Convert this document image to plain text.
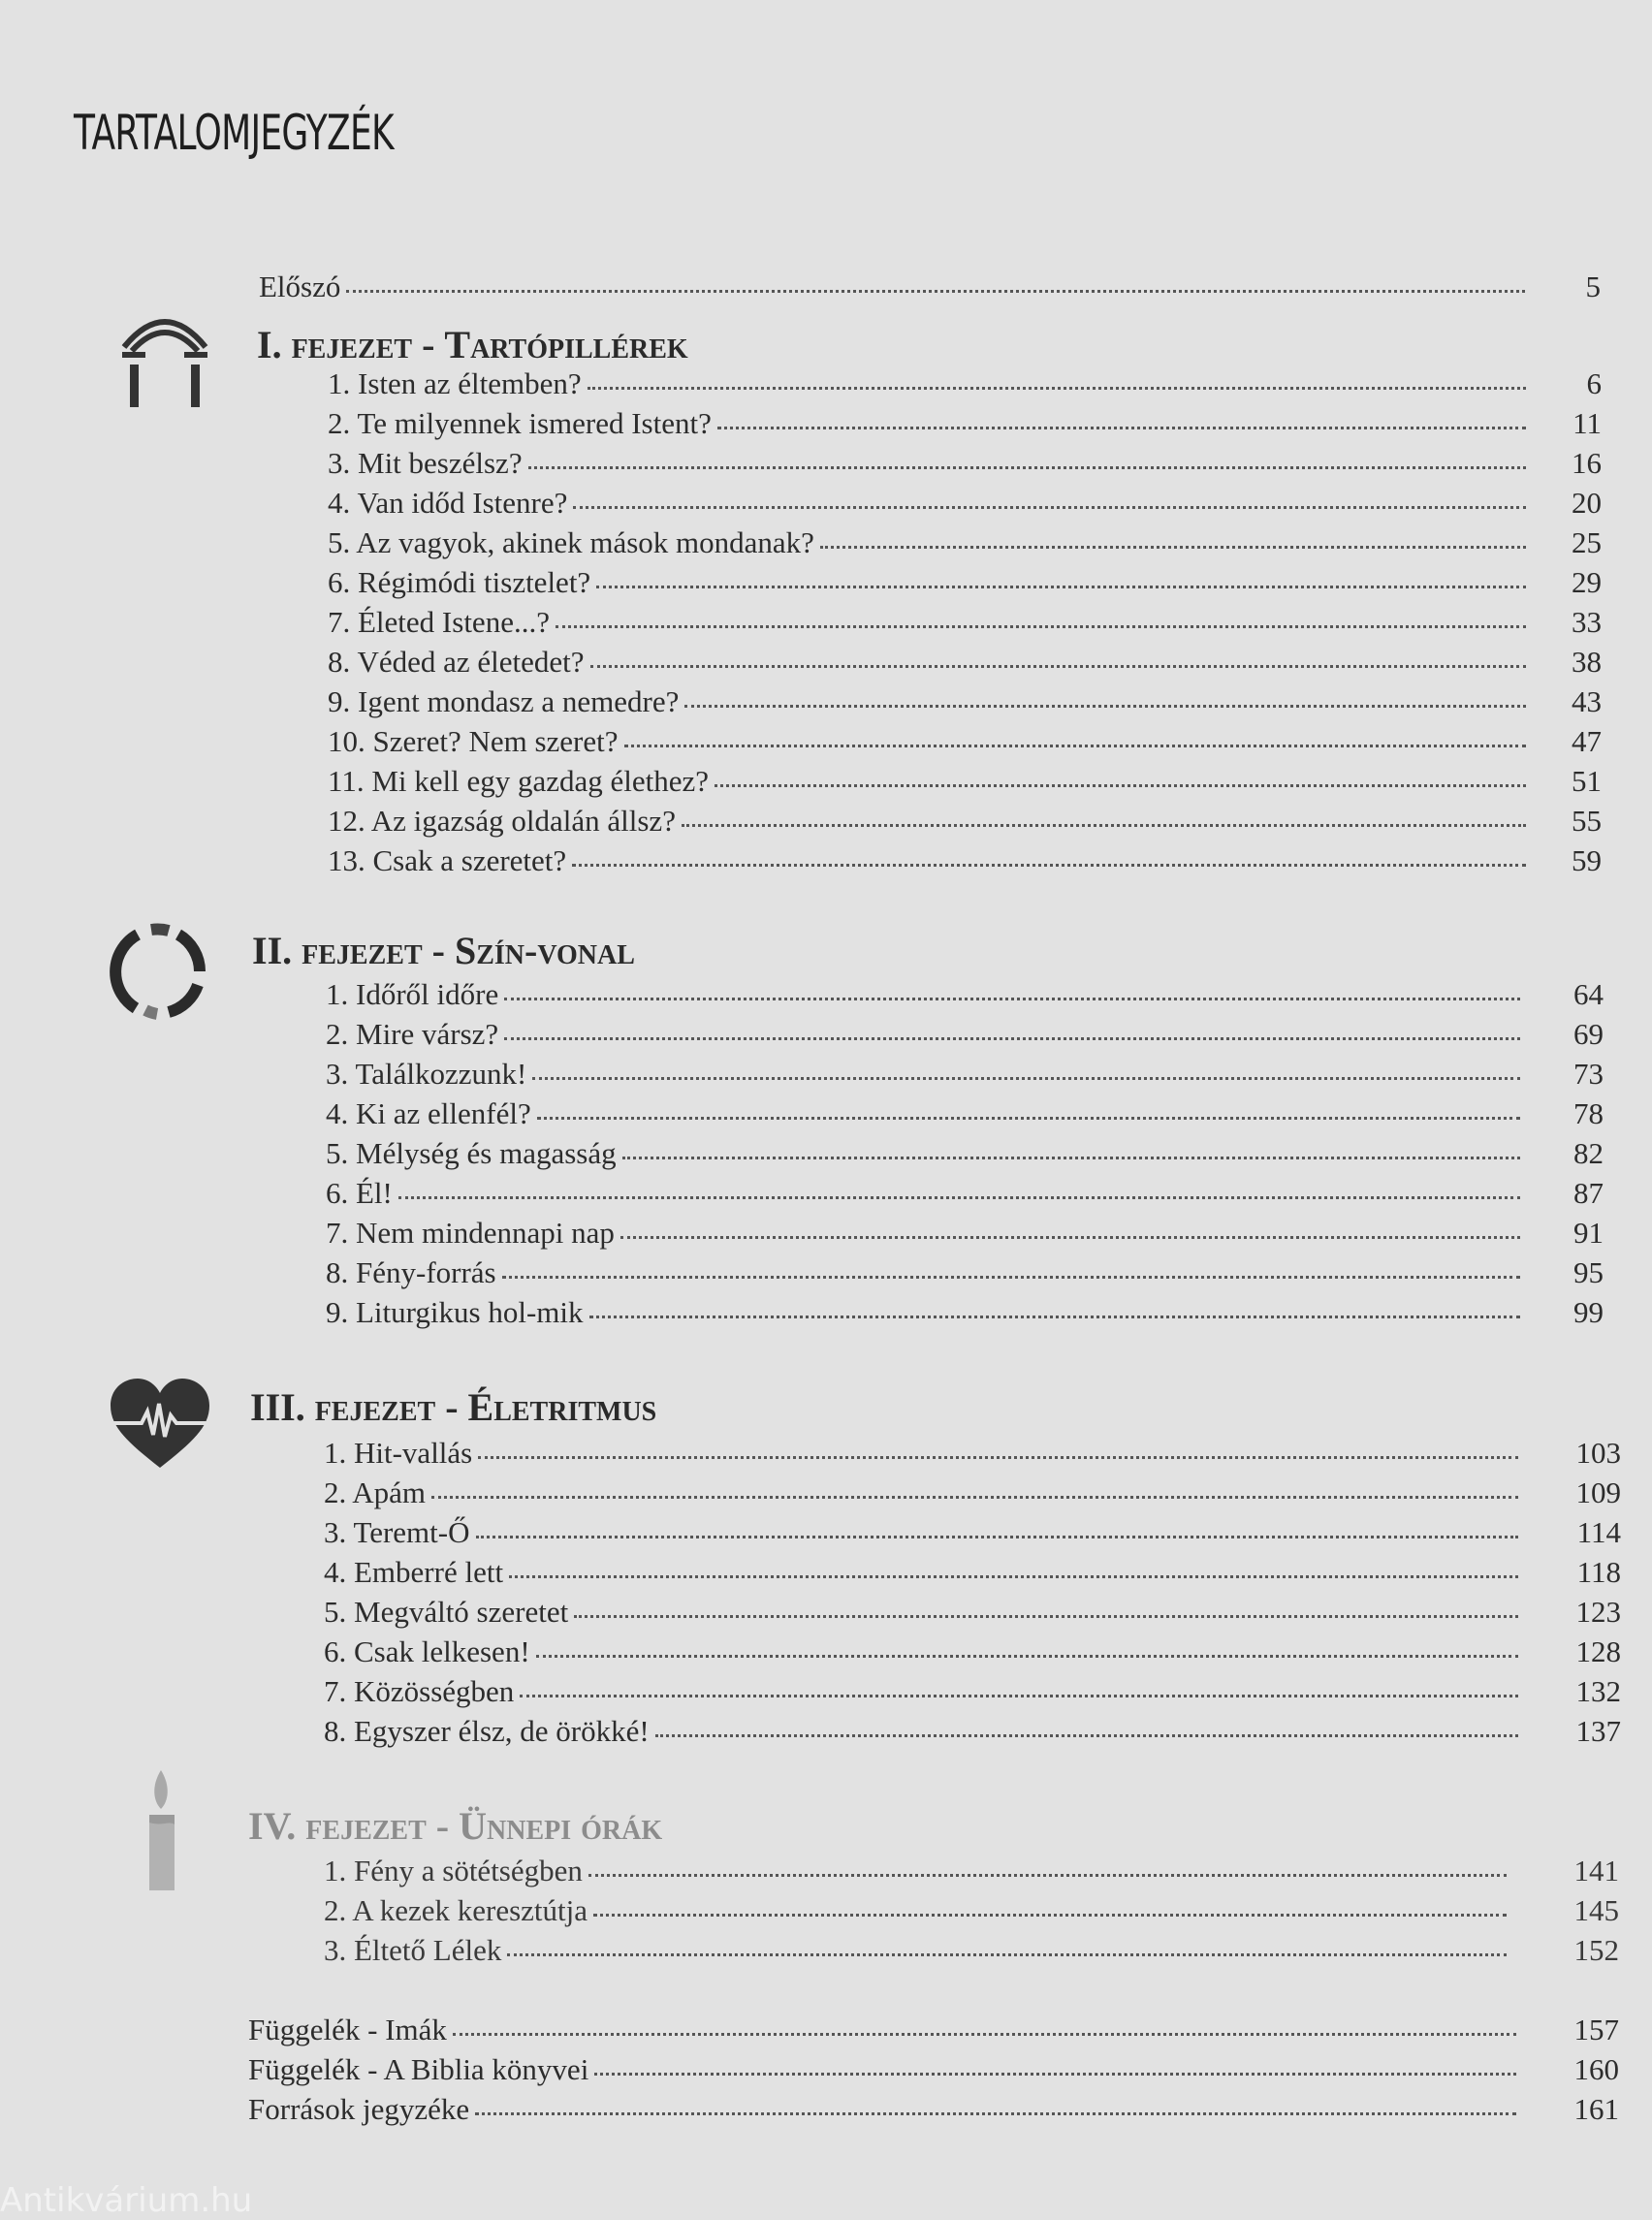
TARTALOMJEGYZÉK
Előszó	5
I. fejezet - Tartópillérek
1. Isten az éltemben?	6
2. Te milyennek ismered Istent?	11
3. Mit beszélsz?	16
4. Van időd Istenre?	20
5. Az vagyok, akinek mások mondanak?	25
6. Régimódi tisztelet?	29
7. Életed Istene...?	33
8. Véded az életedet?	38
9. Igent mondasz a nemedre?	43
10. Szeret? Nem szeret?	47
11. Mi kell egy gazdag élethez?	51
12. Az igazság oldalán állsz?	55
13. Csak a szeretet?	59
II. fejezet - Szín-vonal
1. Időről időre	64
2. Mire vársz?	69
3. Találkozzunk!	73
4. Ki az ellenfél?	78
5. Mélység és magasság	82
6. Él!	87
7. Nem mindennapi nap	91
8. Fény-forrás	95
9. Liturgikus hol-mik	99
III. fejezet - Életritmus
1. Hit-vallás	103
2. Apám	109
3. Teremt-Ő	114
4. Emberré lett	118
5. Megváltó szeretet	123
6. Csak lelkesen!	128
7. Közösségben	132
8. Egyszer élsz, de örökké!	137
IV. fejezet - Ünnepi órák
1. Fény a sötétségben	141
2. A kezek keresztútja	145
3. Éltető Lélek	152
Függelék - Imák	157
Függelék - A Biblia könyvei	160
Források jegyzéke	161
Antikvárium.hu
